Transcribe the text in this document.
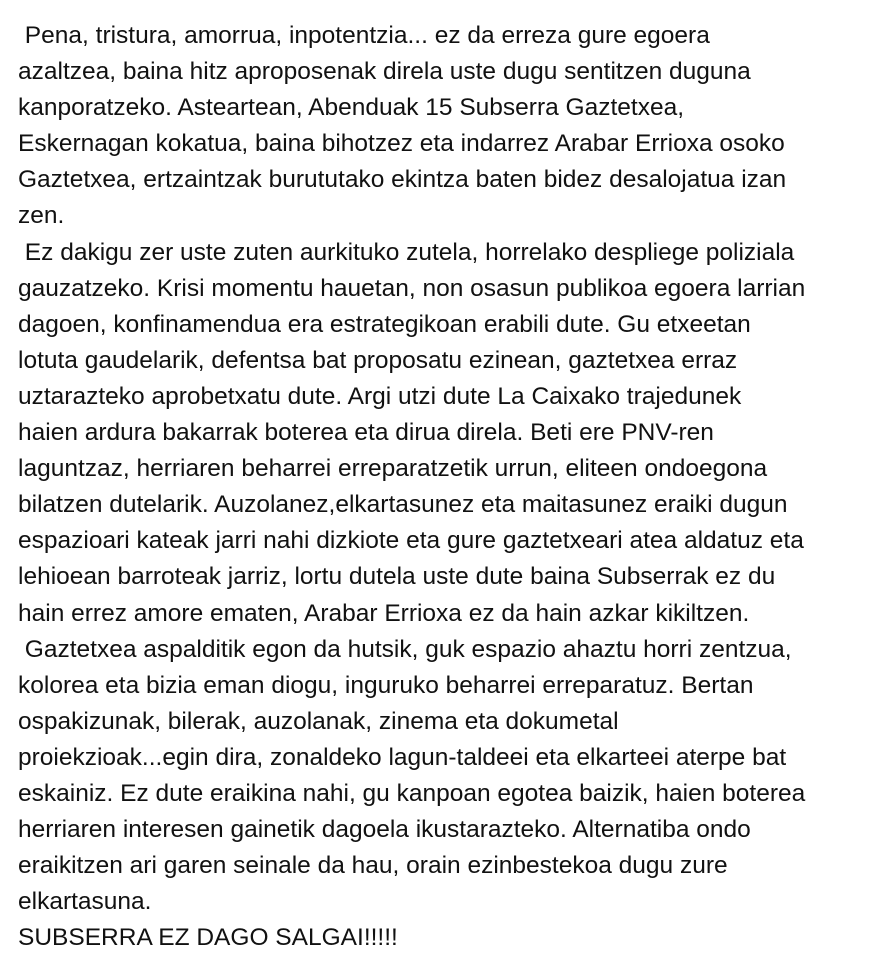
Pena, tristura, amorrua, inpotentzia... ez da erreza gure egoera
azaltzea, baina hitz aproposenak direla uste dugu sentitzen duguna
kanporatzeko. Asteartean, Abenduak 15 Subserra Gaztetxea,
Eskernagan kokatua, baina bihotzez eta indarrez Arabar Errioxa osoko
Gaztetxea, ertzaintzak burututako ekintza baten bidez desalojatua izan
zen.
Ez dakigu zer uste zuten aurkituko zutela, horrelako despliege poliziala
gauzatzeko. Krisi momentu hauetan, non osasun publikoa egoera larrian
dagoen, konfinamendua era estrategikoan erabili dute. Gu etxeetan
lotuta gaudelarik, defentsa bat proposatu ezinean, gaztetxea erraz
uztarazteko aprobetxatu dute. Argi utzi dute La Caixako trajedunek
haien ardura bakarrak boterea eta dirua direla. Beti ere PNV-ren
laguntzaz, herriaren beharrei erreparatzetik urrun, eliteen ondoegona
bilatzen dutelarik. Auzolanez,elkartasunez eta maitasunez eraiki dugun
espazioari kateak jarri nahi dizkiote eta gure gaztetxeari atea aldatuz eta
lehioean barroteak jarriz, lortu dutela uste dute baina Subserrak ez du
hain errez amore ematen, Arabar Errioxa ez da hain azkar kikiltzen.
Gaztetxea aspalditik egon da hutsik, guk espazio ahaztu horri zentzua,
kolorea eta bizia eman diogu, inguruko beharrei erreparatuz. Bertan
ospakizunak, bilerak, auzolanak, zinema eta dokumetal
proiekzioak...egin dira, zonaldeko lagun-taldeei eta elkarteei aterpe bat
eskainiz. Ez dute eraikina nahi, gu kanpoan egotea baizik, haien boterea
herriaren interesen gainetik dagoela ikustarazteko. Alternatiba ondo
eraikitzen ari garen seinale da hau, orain ezinbestekoa dugu zure
elkartasuna.
SUBSERRA EZ DAGO SALGAI!!!!!
